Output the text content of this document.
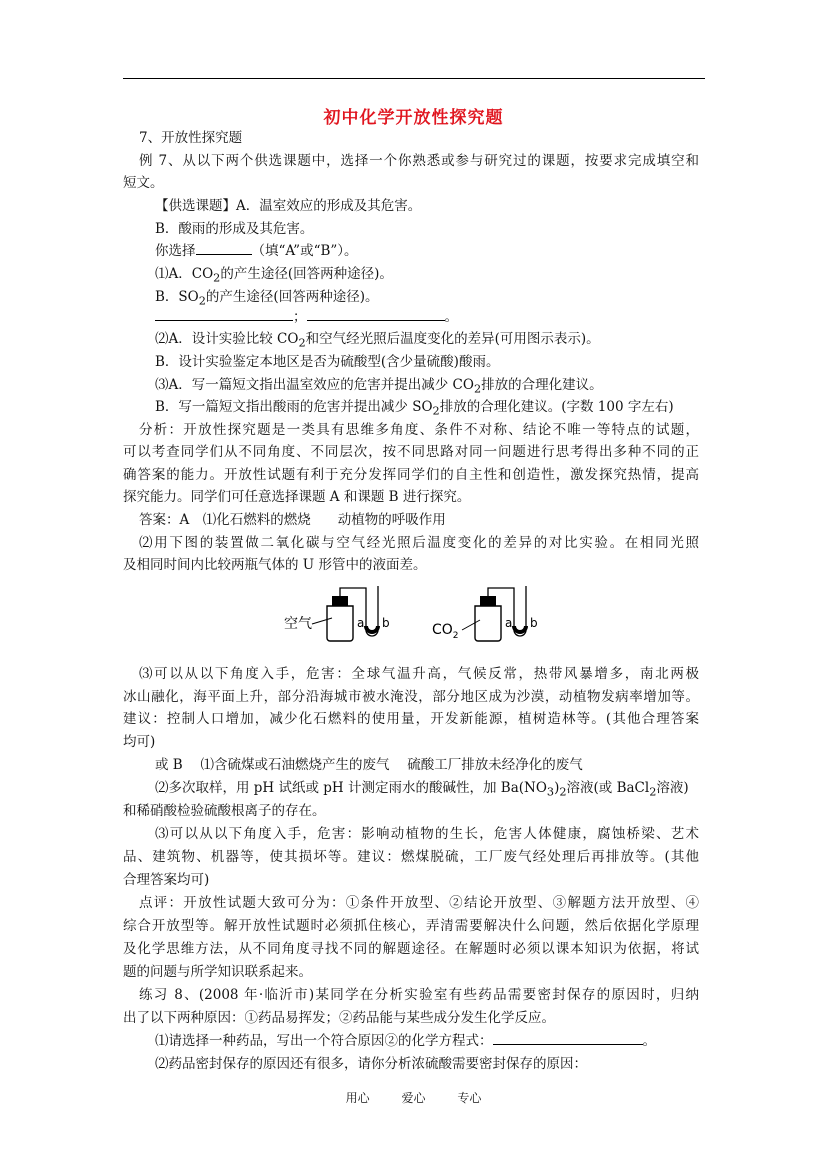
初中化学开放性探究题
7、开放性探究题
例 7、从以下两个供选课题中，选择一个你熟悉或参与研究过的课题，按要求完成填空和
短文。
【供选课题】A．温室效应的形成及其危害。
B．酸雨的形成及其危害。
你选择	（填“A”或“B”）。
⑴A．$CO_2$的产生途径(回答两种途径)。
B．$SO_2$的产生途径(回答两种途径)。
；	。
⑵A．设计实验比较 $CO_2$和空气经光照后温度变化的差异(可用图示表示)。
B．设计实验鉴定本地区是否为硫酸型(含少量硫酸)酸雨。
⑶A．写一篇短文指出温室效应的危害并提出减少 $CO_2$排放的合理化建议。
B．写一篇短文指出酸雨的危害并提出减少 $SO_2$排放的合理化建议。(字数 100 字左右)
分析：开放性探究题是一类具有思维多角度、条件不对称、结论不唯一等特点的试题，
可以考查同学们从不同角度、不同层次，按不同思路对同一问题进行思考得出多种不同的正
确答案的能力。开放性试题有利于充分发挥同学们的自主性和创造性，激发探究热情，提高
探究能力。同学们可任意选择课题 A 和课题 B 进行探究。
答案：A　⑴化石燃料的燃烧　　动植物的呼吸作用
⑵用下图的装置做二氧化碳与空气经光照后温度变化的差异的对比实验。在相同光照
及相同时间内比较两瓶气体的 U 形管中的液面差。
空气	a b	$CO_2$
a b
⑶可以从以下角度入手，危害：全球气温升高，气候反常，热带风暴增多，南北两极
冰山融化，海平面上升，部分沿海城市被水淹没，部分地区成为沙漠，动植物发病率增加等。
建议：控制人口增加，减少化石燃料的使用量，开发新能源，植树造林等。(其他合理答案
均可)
或 B　 ⑴含硫煤或石油燃烧产生的废气　 硫酸工厂排放未经净化的废气
⑵多次取样，用 pH 试纸或 pH 计测定雨水的酸碱性，加 $Ba(NO_3)_2$溶液(或 BaCl$_2$溶液)
和稀硝酸检验硫酸根离子的存在。
⑶可以从以下角度入手，危害：影响动植物的生长，危害人体健康，腐蚀桥梁、艺术
品、建筑物、机器等，使其损坏等。建议：燃煤脱硫，工厂废气经处理后再排放等。(其他
合理答案均可)
点评：开放性试题大致可分为：①条件开放型、②结论开放型、③解题方法开放型、④
综合开放型等。解开放性试题时必须抓住核心，弄清需要解决什么问题，然后依据化学原理
及化学思维方法，从不同角度寻找不同的解题途径。在解题时必须以课本知识为依据，将试
题的问题与所学知识联系起来。
练习 8、(2008 年·临沂市)某同学在分析实验室有些药品需要密封保存的原因时，归纳
出了以下两种原因：①药品易挥发；②药品能与某些成分发生化学反应。
⑴请选择一种药品，写出一个符合原因②的化学方程式：	。
⑵药品密封保存的原因还有很多，请你分析浓硫酸需要密封保存的原因：
用心	爱心	专心
